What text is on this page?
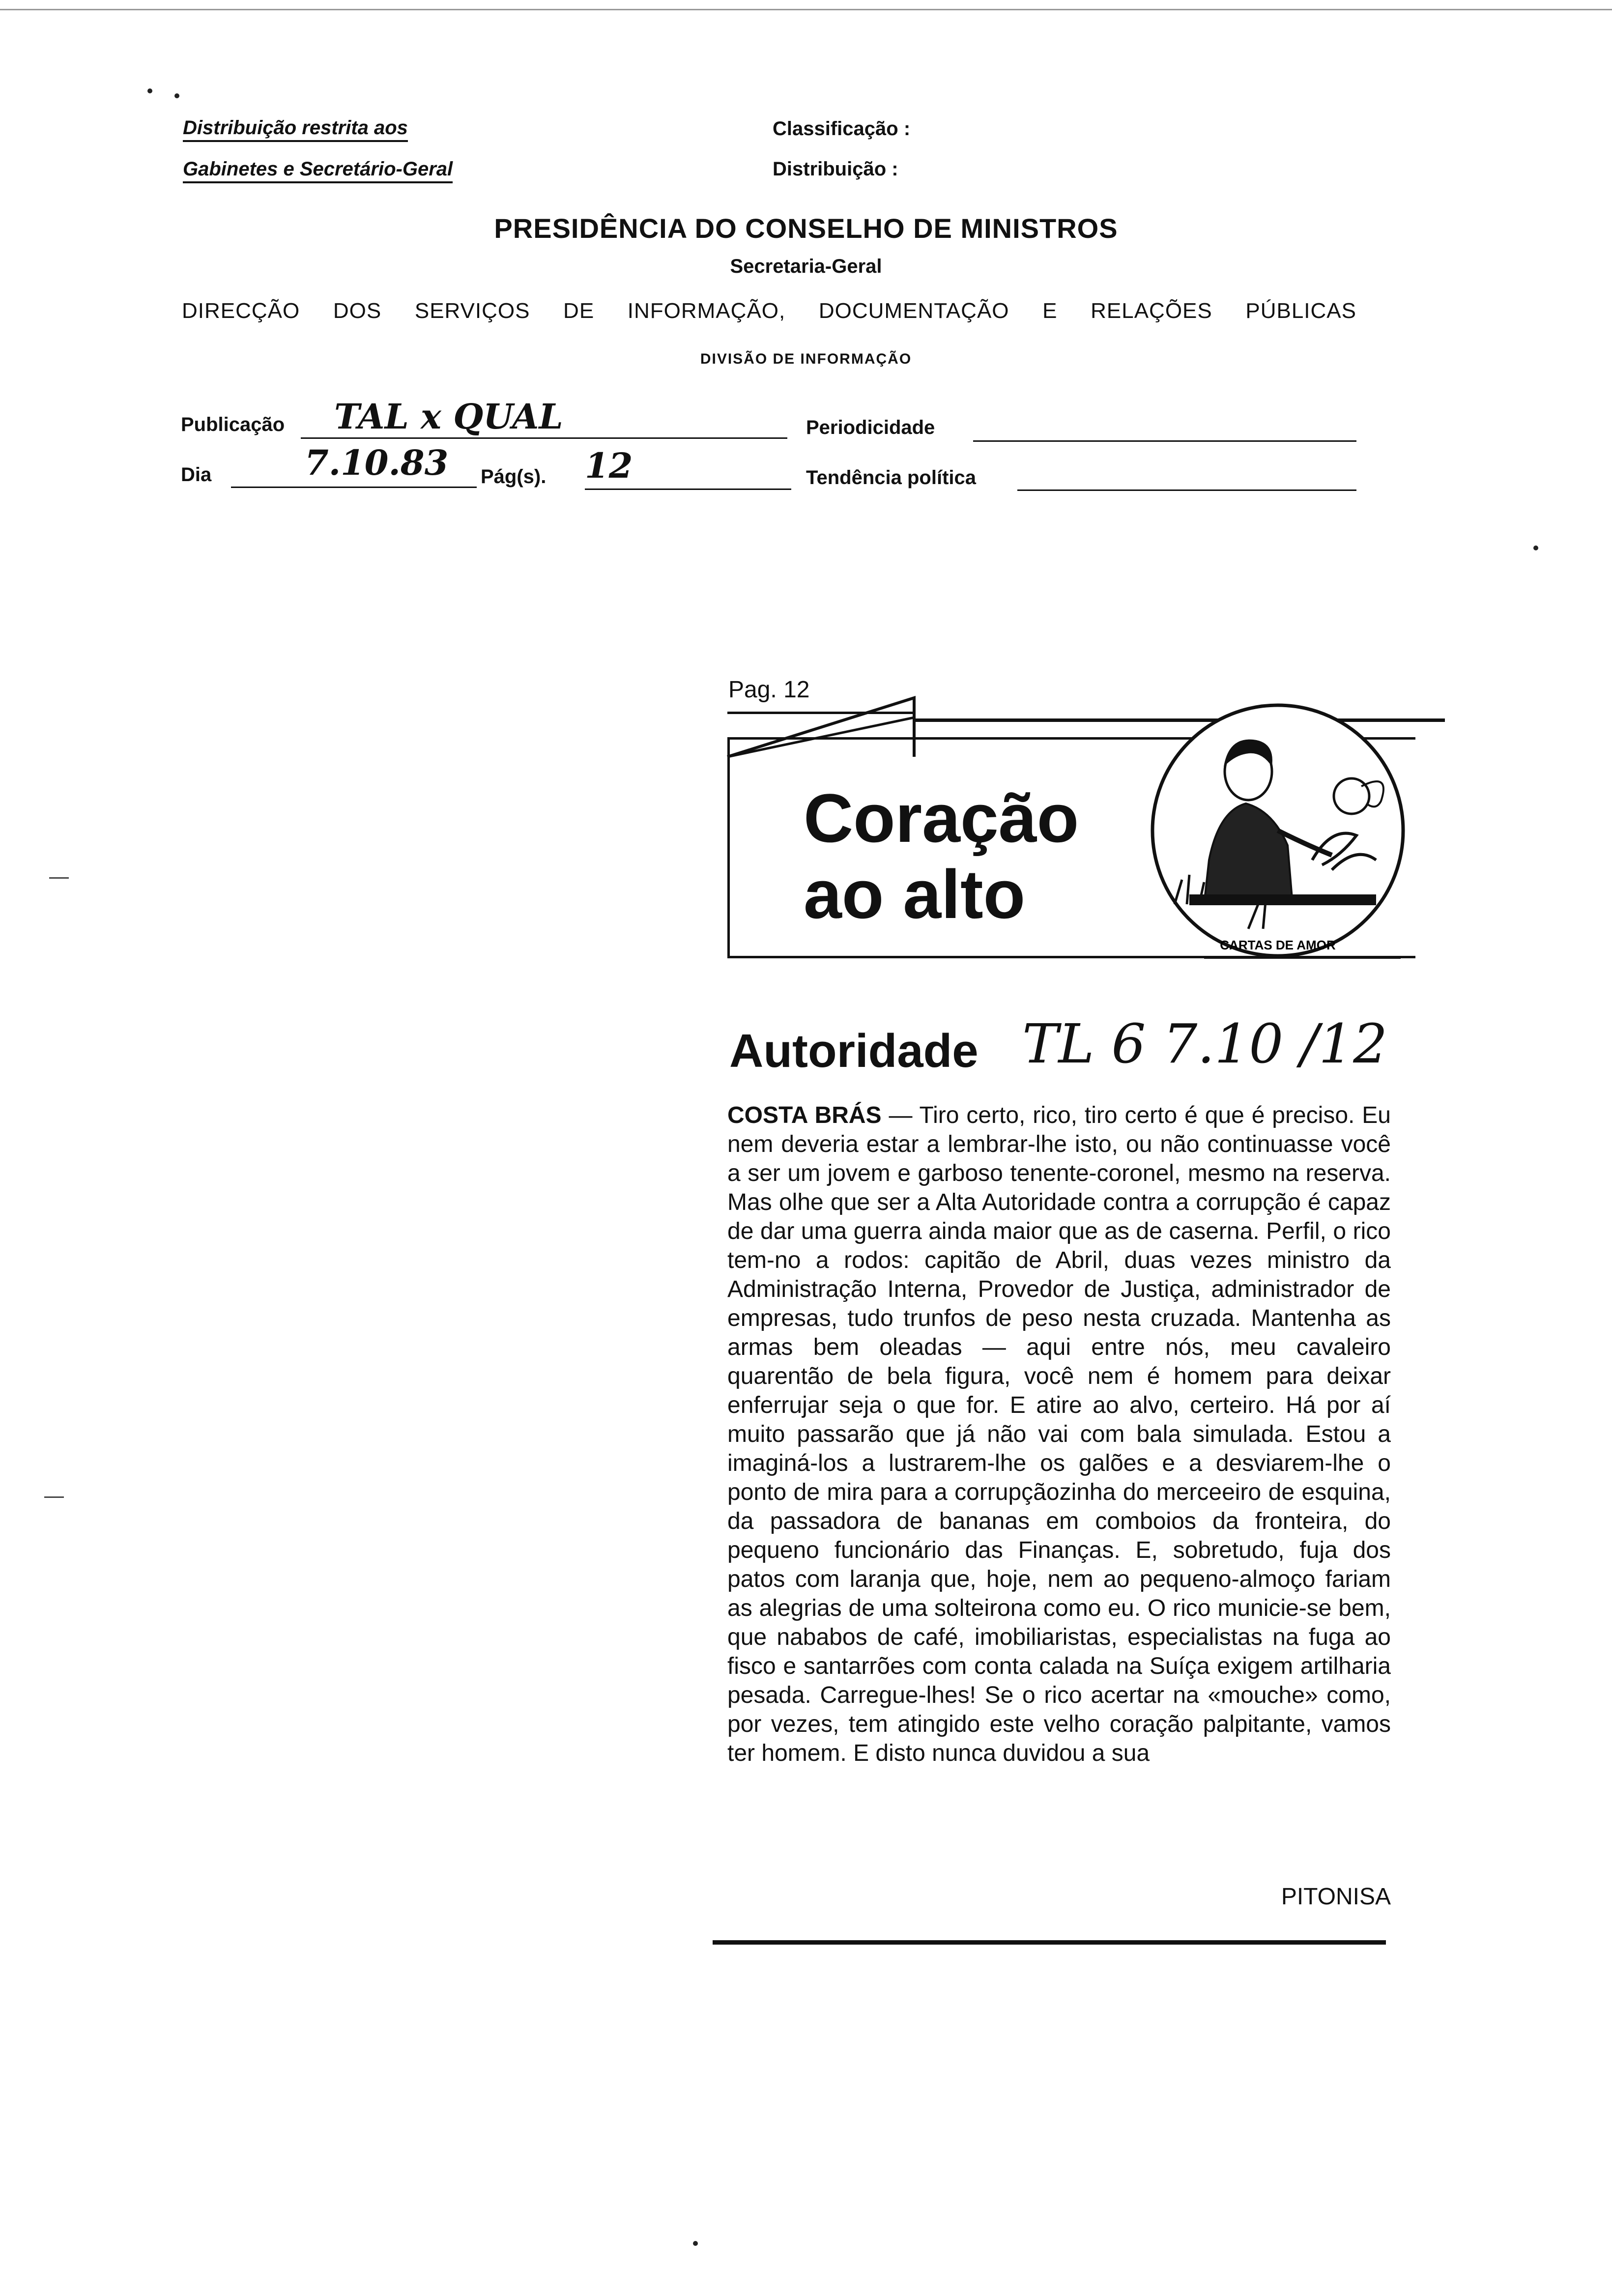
Distribuição restrita aos
Gabinetes e Secretário-Geral
Classificação :
Distribuição :
PRESIDÊNCIA DO CONSELHO DE MINISTROS
Secretaria-Geral
DIRECÇÃO DOS SERVIÇOS DE INFORMAÇÃO, DOCUMENTAÇÃO E RELAÇÕES PÚBLICAS
DIVISÃO DE INFORMAÇÃO
Publicação TAL x QUAL	Periodicidade
Dia	7.10.83 Pág(s). 12	Tendência política
Pag. 12
Coração
ao alto
CARTAS DE AMOR
Autoridade TL 6 7.10 /12
COSTA BRÁS — Tiro certo, rico, tiro certo é que é preciso. Eu nem deveria estar a lembrar-lhe isto, ou não continuasse você a ser um jovem e garboso tenente-coronel, mesmo na reserva. Mas olhe que ser a Alta Autoridade contra a corrupção é capaz de dar uma guerra ainda maior que as de caserna. Perfil, o rico tem-no a rodos: capitão de Abril, duas vezes ministro da Administração Interna, Provedor de Justiça, administrador de empresas, tudo trunfos de peso nesta cruzada. Mantenha as armas bem oleadas — aqui entre nós, meu cavaleiro quarentão de bela figura, você nem é homem para deixar enferrujar seja o que for. E atire ao alvo, certeiro. Há por aí muito passarão que já não vai com bala simulada. Estou a imaginá-los a lustrarem-lhe os galões e a desviarem-lhe o ponto de mira para a corrupçãozinha do merceeiro de esquina, da passadora de bananas em comboios da fronteira, do pequeno funcionário das Finanças. E, sobretudo, fuja dos patos com laranja que, hoje, nem ao pequeno-almoço fariam as alegrias de uma solteirona como eu. O rico municie-se bem, que nababos de café, imobiliaristas, especialistas na fuga ao fisco e santarrões com conta calada na Suíça exigem artilharia pesada. Carregue-lhes! Se o rico acertar na «mouche» como, por vezes, tem atingido este velho coração palpitante, vamos ter homem. E disto nunca duvidou a sua
PITONISA
